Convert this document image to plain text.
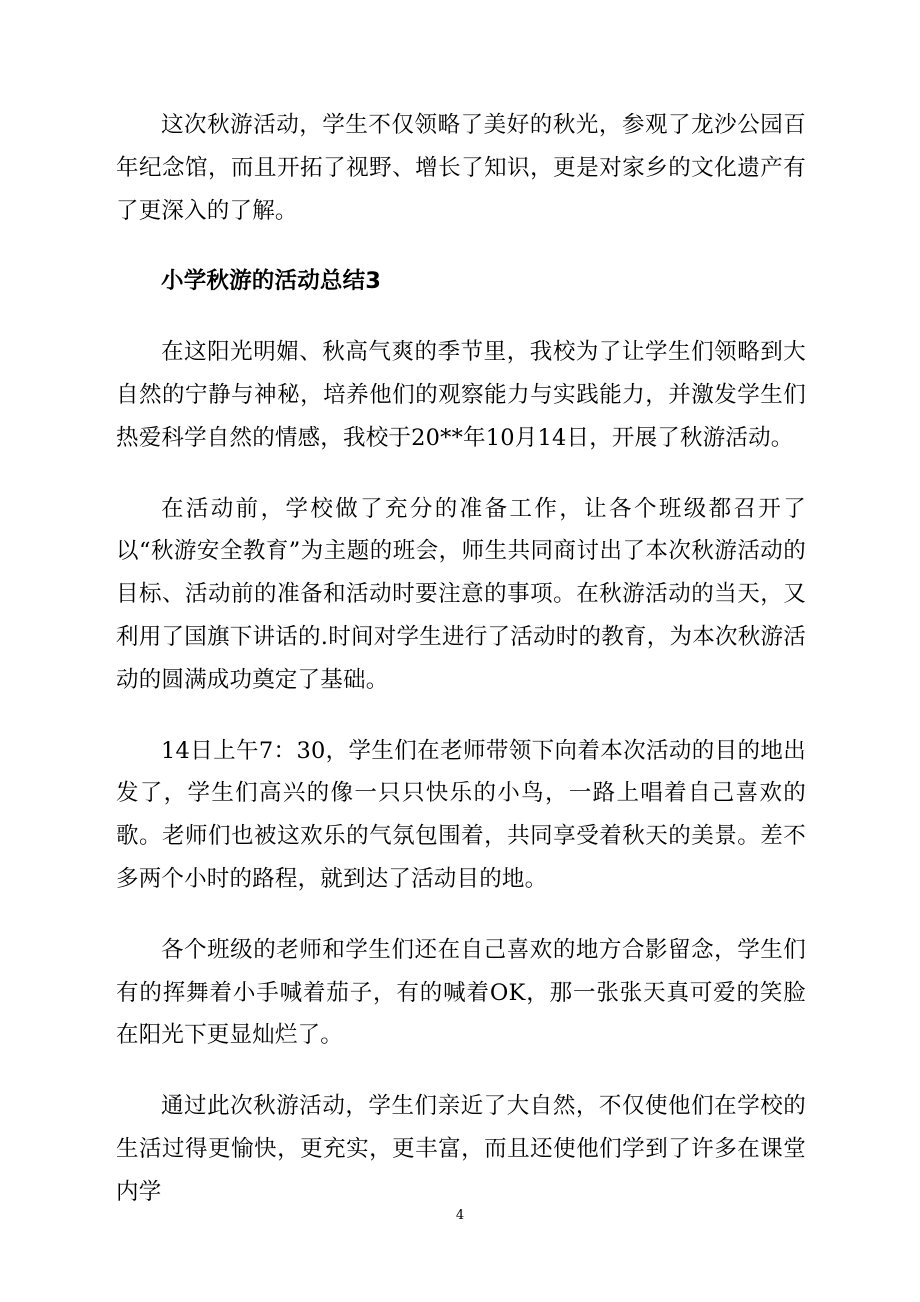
这次秋游活动，学生不仅领略了美好的秋光，参观了龙沙公园百年纪念馆，而且开拓了视野、增长了知识，更是对家乡的文化遗产有了更深入的了解。

小学秋游的活动总结3

在这阳光明媚、秋高气爽的季节里，我校为了让学生们领略到大自然的宁静与神秘，培养他们的观察能力与实践能力，并激发学生们热爱科学自然的情感，我校于20**年10月14日，开展了秋游活动。

在活动前，学校做了充分的准备工作，让各个班级都召开了以“秋游安全教育”为主题的班会，师生共同商讨出了本次秋游活动的目标、活动前的准备和活动时要注意的事项。在秋游活动的当天，又利用了国旗下讲话的.时间对学生进行了活动时的教育，为本次秋游活动的圆满成功奠定了基础。

14日上午7：30，学生们在老师带领下向着本次活动的目的地出发了，学生们高兴的像一只只快乐的小鸟，一路上唱着自己喜欢的歌。老师们也被这欢乐的气氛包围着，共同享受着秋天的美景。差不多两个小时的路程，就到达了活动目的地。

各个班级的老师和学生们还在自己喜欢的地方合影留念，学生们有的挥舞着小手喊着茄子，有的喊着OK，那一张张天真可爱的笑脸在阳光下更显灿烂了。

通过此次秋游活动，学生们亲近了大自然，不仅使他们在学校的生活过得更愉快，更充实，更丰富，而且还使他们学到了许多在课堂内学

4
